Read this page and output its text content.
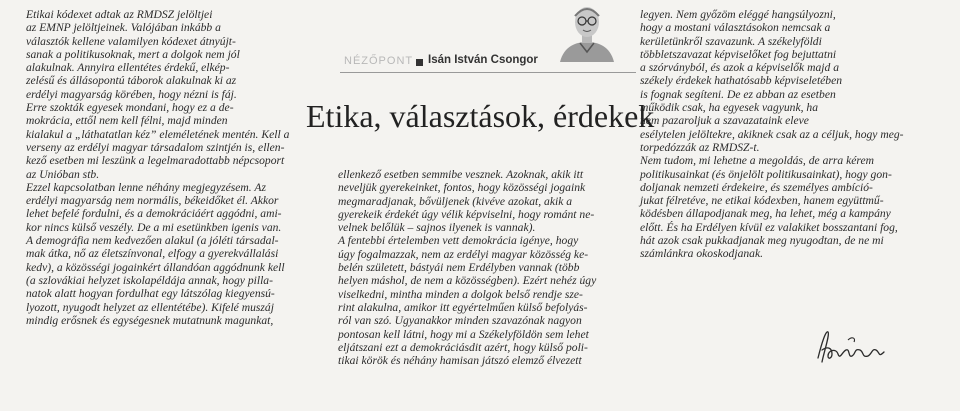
Etikai kódexet adtak az RMDSZ jelöltjei
az EMNP jelöltjeinek. Valójában inkább a
választók kellene valamilyen kódexet átnyújt-
sanak a politikusoknak, mert a dolgok nem jól
alakulnak. Annyira ellentétes érdekű, elkép-
zelésű és állásopontú táborok alakulnak ki az
erdélyi magyarság körében, hogy nézni is fáj.
Erre szokták egyesek mondani, hogy ez a de-
mokrácia, ettől nem kell félni, majd minden
kialakul a „láthatatlan kéz” eleméletének mentén. Kell a
verseny az erdélyi magyar társadalom szintjén is, ellen-
kező esetben mi leszünk a legelmaradottabb népcsoport
az Unióban stb.
Ezzel kapcsolatban lenne néhány megjegyzésem. Az
erdélyi magyarság nem normális, békeidőket él. Akkor
lehet befelé fordulni, és a demokráciáért aggódni, ami-
kor nincs külső veszély. De a mi esetünkben igenis van.
A demográfia nem kedvezően alakul (a jóléti társadal-
mak átka, nő az életszínvonal, elfogy a gyerekvállalási
kedv), a közösségi jogainkért állandóan aggódnunk kell
(a szlovákiai helyzet iskolapéldája annak, hogy pilla-
natok alatt hogyan fordulhat egy látszólag kiegyensú-
lyozott, nyugodt helyzet az ellentétébe). Kifelé muszáj
mindig erősnek és egységesnek mutatnunk magunkat,
NÉZŐPONT Isán István Csongor
Etika, választások, érdekek
ellenkező esetben semmibe vesznek. Azoknak, akik itt
neveljük gyerekeinket, fontos, hogy közösségi jogaink
megmaradjanak, bővüljenek (kivéve azokat, akik a
gyerekeik érdekét úgy vélik képviselni, hogy románt ne-
velnek belőlük – sajnos ilyenek is vannak).
A fentebbi értelemben vett demokrácia igénye, hogy
úgy fogalmazzak, nem az erdélyi magyar közösség ke-
belén született, bástyái nem Erdélyben vannak (több
helyen máshol, de nem a közösségben). Ezért nehéz úgy
viselkedni, mintha minden a dolgok belső rendje sze-
rint alakulna, amikor itt egyértelműen külső befolyás-
ról van szó. Ugyanakkor minden szavazónak nagyon
pontosan kell látni, hogy mi a Székelyföldön sem lehet
eljátszani ezt a demokráciásdit azért, hogy külső poli-
tikai körök és néhány hamisan játszó elemző élvezett
legyen. Nem győzöm eléggé hangsúlyozni,
hogy a mostani választásokon nemcsak a
kerületünkről szavazunk. A székelyföldi
többletszavazat képviselőket fog bejuttatni
a szórványból, és azok a képviselők majd a
székely érdekek hathatósabb képviseletében
is fognak segíteni. De ez abban az esetben
működik csak, ha egyesek vagyunk, ha
nem pazaroljuk a szavazataink eleve
esélytelen jelöltekre, akiknek csak az a céljuk, hogy meg-
torpedózzák az RMDSZ-t.
Nem tudom, mi lehetne a megoldás, de arra kérem
politikusainkat (és önjelölt politikusainkat), hogy gon-
doljanak nemzeti érdekeire, és személyes ambíció-
jukat félretéve, ne etikai kódexben, hanem együttmű-
ködésben állapodjanak meg, ha lehet, még a kampány
előtt. És ha Erdélyen kívül ez valakiket bosszantani fog,
hát azok csak pukkadjanak meg nyugodtan, de ne mi
számlánkra okoskodjanak.
